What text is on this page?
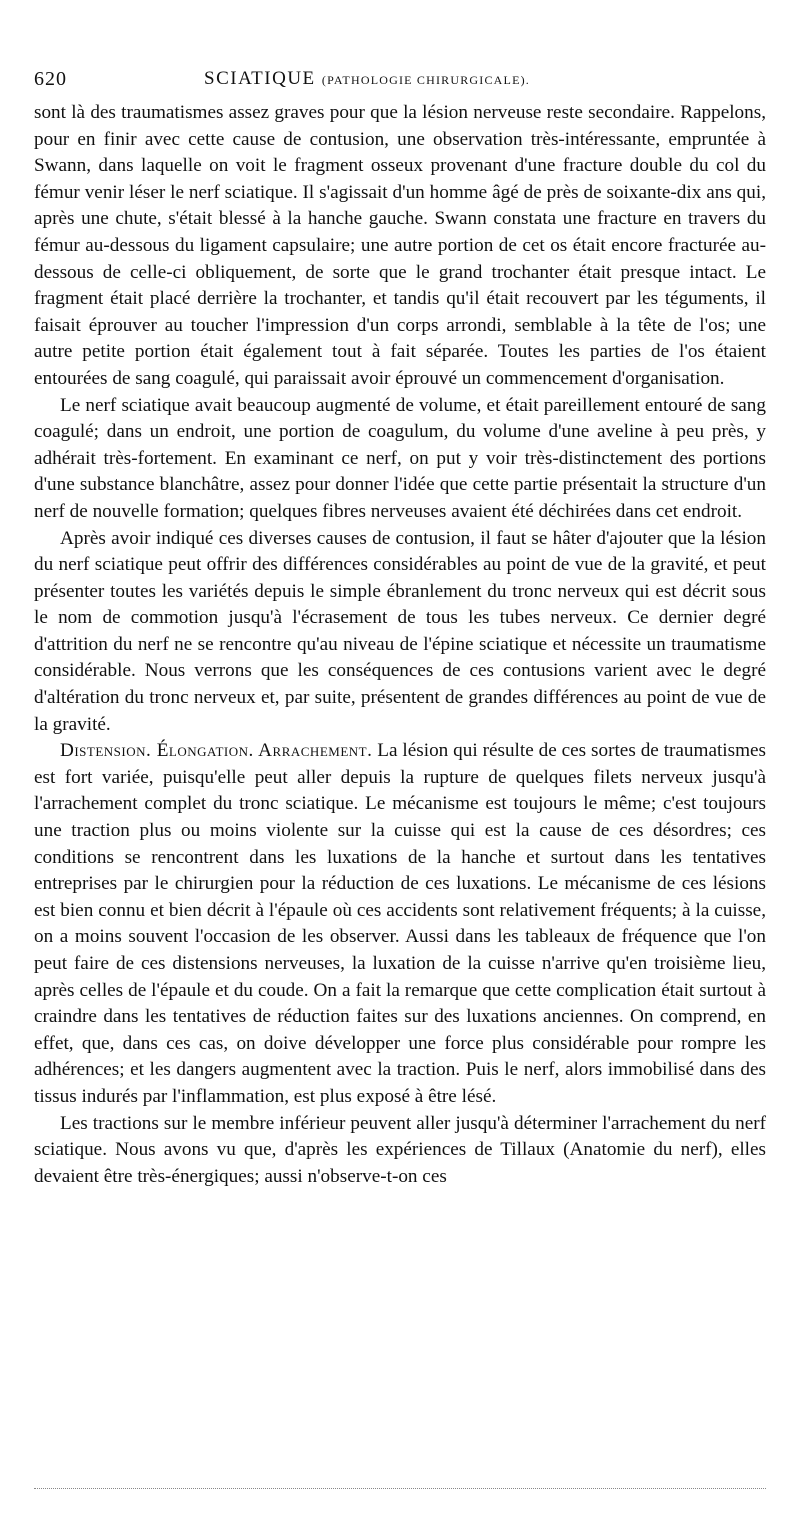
620	SCIATIQUE (PATHOLOGIE CHIRURGICALE).

sont là des traumatismes assez graves pour que la lésion nerveuse reste secondaire. Rappelons, pour en finir avec cette cause de contusion, une observation très-intéressante, empruntée à Swann, dans laquelle on voit le fragment osseux provenant d'une fracture double du col du fémur venir léser le nerf sciatique. Il s'agissait d'un homme âgé de près de soixante-dix ans qui, après une chute, s'était blessé à la hanche gauche. Swann constata une fracture en travers du fémur au-dessous du ligament capsulaire; une autre portion de cet os était encore fracturée au-dessous de celle-ci obliquement, de sorte que le grand trochanter était presque intact. Le fragment était placé derrière la trochanter, et tandis qu'il était recouvert par les téguments, il faisait éprouver au toucher l'impression d'un corps arrondi, semblable à la tête de l'os; une autre petite portion était également tout à fait séparée. Toutes les parties de l'os étaient entourées de sang coagulé, qui paraissait avoir éprouvé un commencement d'organisation.

Le nerf sciatique avait beaucoup augmenté de volume, et était pareillement entouré de sang coagulé; dans un endroit, une portion de coagulum, du volume d'une aveline à peu près, y adhérait très-fortement. En examinant ce nerf, on put y voir très-distinctement des portions d'une substance blanchâtre, assez pour donner l'idée que cette partie présentait la structure d'un nerf de nouvelle formation; quelques fibres nerveuses avaient été déchirées dans cet endroit.

Après avoir indiqué ces diverses causes de contusion, il faut se hâter d'ajouter que la lésion du nerf sciatique peut offrir des différences considérables au point de vue de la gravité, et peut présenter toutes les variétés depuis le simple ébranlement du tronc nerveux qui est décrit sous le nom de commotion jusqu'à l'écrasement de tous les tubes nerveux. Ce dernier degré d'attrition du nerf ne se rencontre qu'au niveau de l'épine sciatique et nécessite un traumatisme considérable. Nous verrons que les conséquences de ces contusions varient avec le degré d'altération du tronc nerveux et, par suite, présentent de grandes différences au point de vue de la gravité.

Distension. Élongation. Arrachement. La lésion qui résulte de ces sortes de traumatismes est fort variée, puisqu'elle peut aller depuis la rupture de quelques filets nerveux jusqu'à l'arrachement complet du tronc sciatique. Le mécanisme est toujours le même; c'est toujours une traction plus ou moins violente sur la cuisse qui est la cause de ces désordres; ces conditions se rencontrent dans les luxations de la hanche et surtout dans les tentatives entreprises par le chirurgien pour la réduction de ces luxations. Le mécanisme de ces lésions est bien connu et bien décrit à l'épaule où ces accidents sont relativement fréquents; à la cuisse, on a moins souvent l'occasion de les observer. Aussi dans les tableaux de fréquence que l'on peut faire de ces distensions nerveuses, la luxation de la cuisse n'arrive qu'en troisième lieu, après celles de l'épaule et du coude. On a fait la remarque que cette complication était surtout à craindre dans les tentatives de réduction faites sur des luxations anciennes. On comprend, en effet, que, dans ces cas, on doive développer une force plus considérable pour rompre les adhérences; et les dangers augmentent avec la traction. Puis le nerf, alors immobilisé dans des tissus indurés par l'inflammation, est plus exposé à être lésé.

Les tractions sur le membre inférieur peuvent aller jusqu'à déterminer l'arrachement du nerf sciatique. Nous avons vu que, d'après les expériences de Tillaux (Anatomie du nerf), elles devaient être très-énergiques; aussi n'observe-t-on ces
